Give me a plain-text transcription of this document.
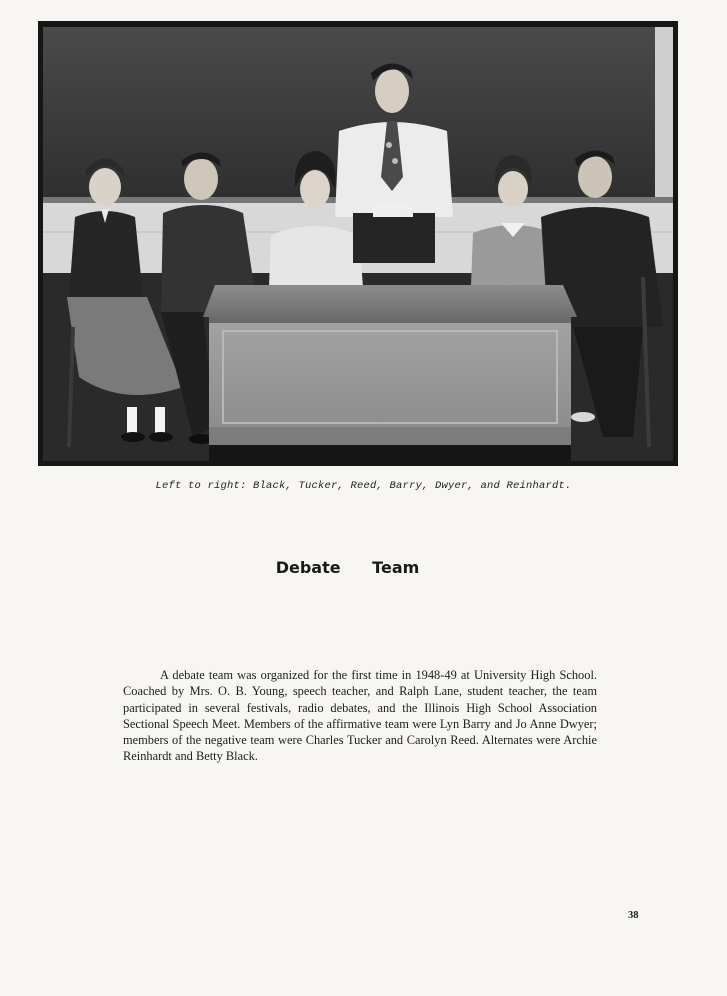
Left to right: Black, Tucker, Reed, Barry, Dwyer, and Reinhardt.
Debate Team
A debate team was organized for the first time in 1948-49 at University High School. Coached by Mrs. O. B. Young, speech teacher, and Ralph Lane, student teacher, the team participated in several festivals, radio debates, and the Illinois High School Association Sectional Speech Meet. Members of the affirmative team were Lyn Barry and Jo Anne Dwyer; members of the negative team were Charles Tucker and Carolyn Reed. Alternates were Archie Reinhardt and Betty Black.
38
